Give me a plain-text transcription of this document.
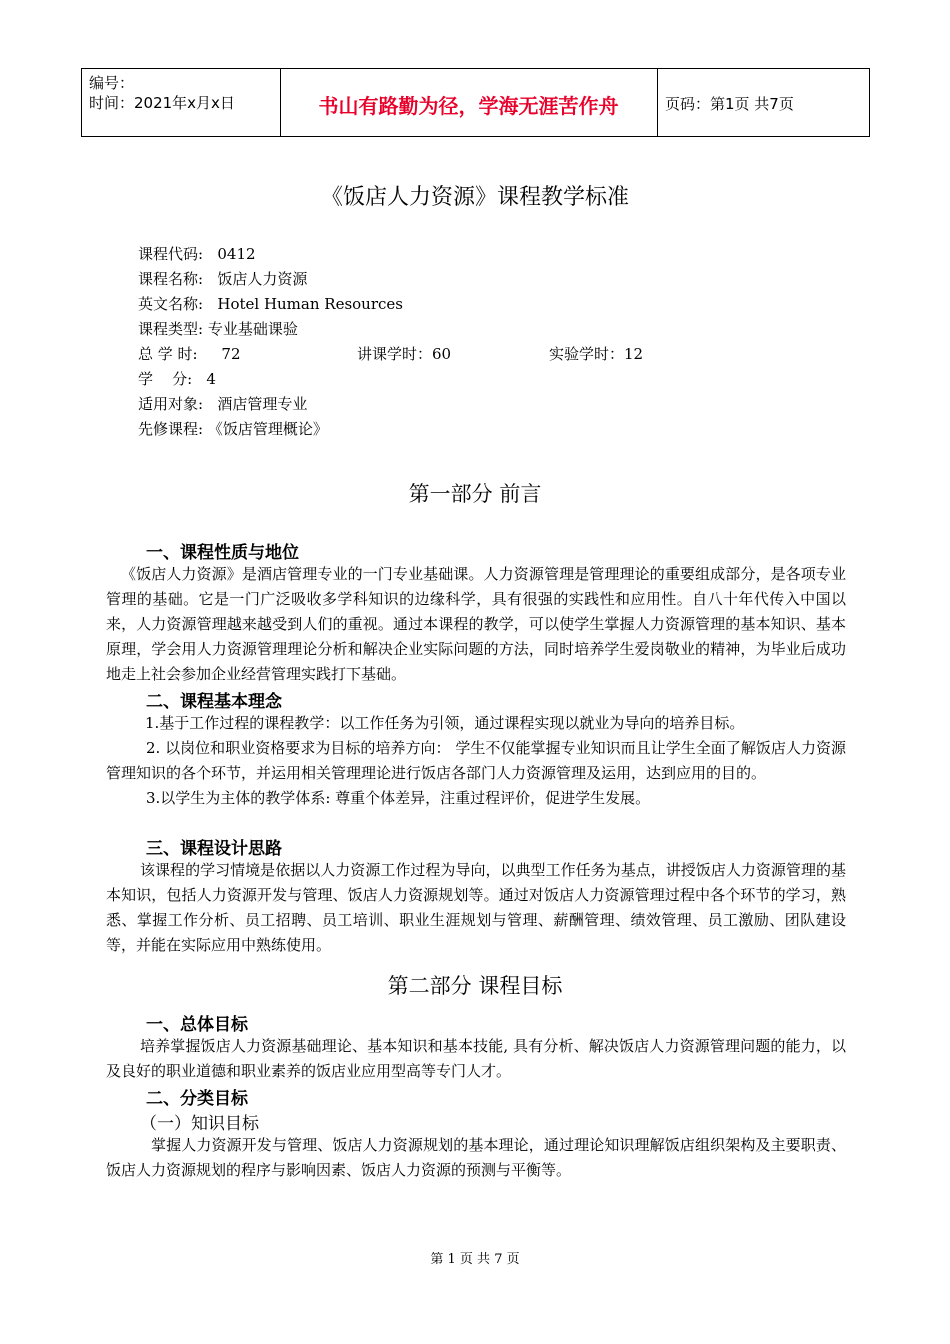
编号：
时间：2021年x月x日	书山有路勤为径，学海无涯苦作舟	页码：第1页 共7页
《饭店人力资源》课程教学标准
课程代码:   0412
课程名称:   饭店人力资源
英文名称:   Hotel Human Resources
课程类型: 专业基础课验
总 学 时:     72	讲课学时：60	实验学时：12
学    分:   4
适用对象:   酒店管理专业
先修课程: 《饭店管理概论》
第一部分 前言
一、课程性质与地位

《饭店人力资源》是酒店管理专业的一门专业基础课。人力资源管理是管理理论的重要组成部分，是各项专业管理的基础。它是一门广泛吸收多学科知识的边缘科学，具有很强的实践性和应用性。自八十年代传入中国以来，人力资源管理越来越受到人们的重视。通过本课程的教学，可以使学生掌握人力资源管理的基本知识、基本原理，学会用人力资源管理理论分析和解决企业实际问题的方法，同时培养学生爱岗敬业的精神，为毕业后成功地走上社会参加企业经营管理实践打下基础。

二、课程基本理念

1.基于工作过程的课程教学：以工作任务为引领，通过课程实现以就业为导向的培养目标。

2. 以岗位和职业资格要求为目标的培养方向： 学生不仅能掌握专业知识而且让学生全面了解饭店人力资源管理知识的各个环节，并运用相关管理理论进行饭店各部门人力资源管理及运用，达到应用的目的。

3.以学生为主体的教学体系: 尊重个体差异，注重过程评价，促进学生发展。

三、课程设计思路

该课程的学习情境是依据以人力资源工作过程为导向，以典型工作任务为基点，讲授饭店人力资源管理的基本知识，包括人力资源开发与管理、饭店人力资源规划等。通过对饭店人力资源管理过程中各个环节的学习，熟悉、掌握工作分析、员工招聘、员工培训、职业生涯规划与管理、薪酬管理、绩效管理、员工激励、团队建设等，并能在实际应用中熟练使用。

第二部分 课程目标
一、总体目标

培养掌握饭店人力资源基础理论、基本知识和基本技能, 具有分析、解决饭店人力资源管理问题的能力，以及良好的职业道德和职业素养的饭店业应用型高等专门人才。

二、分类目标
（一）知识目标

掌握人力资源开发与管理、饭店人力资源规划的基本理论，通过理论知识理解饭店组织架构及主要职责、饭店人力资源规划的程序与影响因素、饭店人力资源的预测与平衡等。

第 1 页 共 7 页
